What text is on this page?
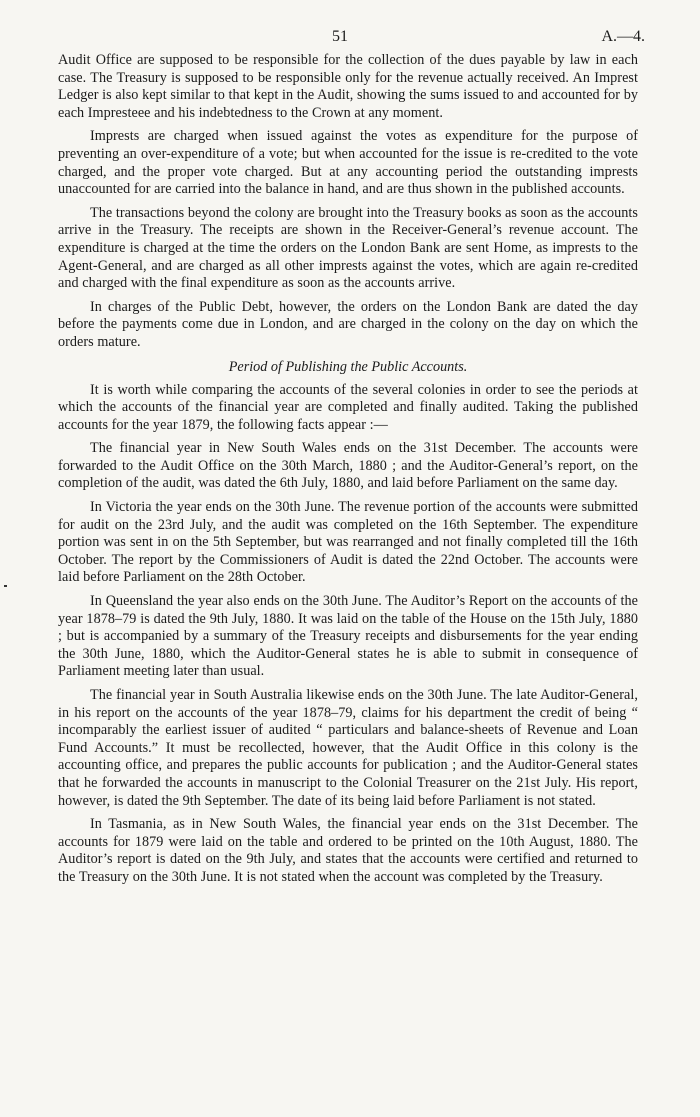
51	A.—4.

Audit Office are supposed to be responsible for the collection of the dues payable by law in each case. The Treasury is supposed to be responsible only for the revenue actually received. An Imprest Ledger is also kept similar to that kept in the Audit, showing the sums issued to and accounted for by each Impresteee and his indebtedness to the Crown at any moment.

Imprests are charged when issued against the votes as expenditure for the purpose of preventing an over-expenditure of a vote; but when accounted for the issue is re-credited to the vote charged, and the proper vote charged. But at any accounting period the outstanding imprests unaccounted for are carried into the balance in hand, and are thus shown in the published accounts.

The transactions beyond the colony are brought into the Treasury books as soon as the accounts arrive in the Treasury. The receipts are shown in the Receiver-General’s revenue account. The expenditure is charged at the time the orders on the London Bank are sent Home, as imprests to the Agent-General, and are charged as all other imprests against the votes, which are again re-credited and charged with the final expenditure as soon as the accounts arrive.

In charges of the Public Debt, however, the orders on the London Bank are dated the day before the payments come due in London, and are charged in the colony on the day on which the orders mature.

Period of Publishing the Public Accounts.

It is worth while comparing the accounts of the several colonies in order to see the periods at which the accounts of the financial year are completed and finally audited. Taking the published accounts for the year 1879, the following facts appear :—

The financial year in New South Wales ends on the 31st December. The accounts were forwarded to the Audit Office on the 30th March, 1880 ; and the Auditor-General’s report, on the completion of the audit, was dated the 6th July, 1880, and laid before Parliament on the same day.

In Victoria the year ends on the 30th June. The revenue portion of the accounts were submitted for audit on the 23rd July, and the audit was completed on the 16th September. The expenditure portion was sent in on the 5th September, but was rearranged and not finally completed till the 16th October. The report by the Commissioners of Audit is dated the 22nd October. The accounts were laid before Parliament on the 28th October.

In Queensland the year also ends on the 30th June. The Auditor’s Report on the accounts of the year 1878–79 is dated the 9th July, 1880. It was laid on the table of the House on the 15th July, 1880 ; but is accompanied by a summary of the Treasury receipts and disbursements for the year ending the 30th June, 1880, which the Auditor-General states he is able to submit in consequence of Parliament meeting later than usual.

The financial year in South Australia likewise ends on the 30th June. The late Auditor-General, in his report on the accounts of the year 1878–79, claims for his department the credit of being “ incomparably the earliest issuer of audited “ particulars and balance-sheets of Revenue and Loan Fund Accounts.” It must be recollected, however, that the Audit Office in this colony is the accounting office, and prepares the public accounts for publication ; and the Auditor-General states that he forwarded the accounts in manuscript to the Colonial Treasurer on the 21st July. His report, however, is dated the 9th September. The date of its being laid before Parliament is not stated.

In Tasmania, as in New South Wales, the financial year ends on the 31st December. The accounts for 1879 were laid on the table and ordered to be printed on the 10th August, 1880. The Auditor’s report is dated on the 9th July, and states that the accounts were certified and returned to the Treasury on the 30th June. It is not stated when the account was completed by the Treasury.
